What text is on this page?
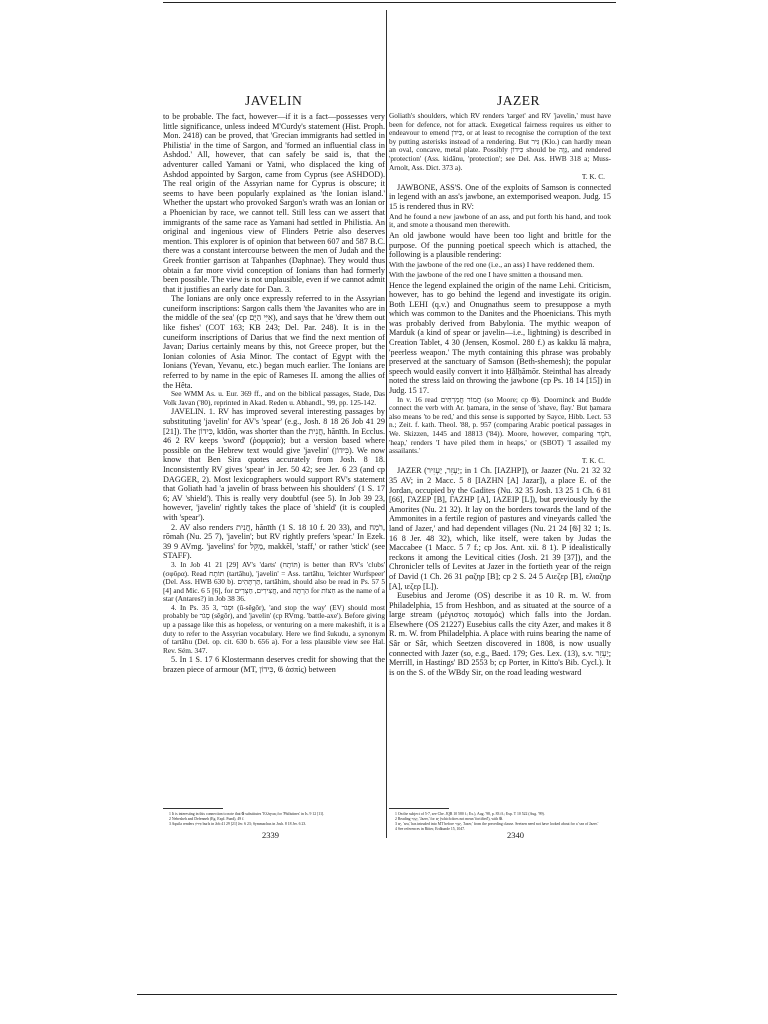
JAVELIN	JAZER

to be probable. The fact, however—if it is a fact—possesses very little significance, unless indeed M'Curdy's statement (Hist. Proph. Mon. 2418) can be proved, that 'Grecian immigrants had settled in Philistia' in the time of Sargon, and 'formed an influential class in Ashdod.' All, however, that can safely be said is, that the adventurer called Yamani or Yatni, who displaced the king of Ashdod appointed by Sargon, came from Cyprus (see ASHDOD). The real origin of the Assyrian name for Cyprus is obscure; it seems to have been popularly explained as 'the Ionian island.' Whether the upstart who provoked Sargon's wrath was an Ionian or a Phoenician by race, we cannot tell. Still less can we assert that immigrants of the same race as Yamani had settled in Philistia. An original and ingenious view of Flinders Petrie also deserves mention. This explorer is of opinion that between 607 and 587 B.C. there was a constant intercourse between the men of Judah and the Greek frontier garrison at Tahpanhes (Daphnae). They would thus obtain a far more vivid conception of Ionians than had formerly been possible. The view is not unplausible, even if we cannot admit that it justifies an early date for Dan. 3.

The Ionians are only once expressly referred to in the Assyrian cuneiform inscriptions: Sargon calls them 'the Javanites who are in the middle of the sea' (cp אִיֵּי הַיָּם), and says that he 'drew them out like fishes' (COT 163; KB 243; Del. Par. 248). It is in the cuneiform inscriptions of Darius that we find the next mention of Javan; Darius certainly means by this, not Greece proper, but the Ionian colonies of Asia Minor. The contact of Egypt with the Ionians (Yevan, Yevanu, etc.) began much earlier. The Ionians are referred to by name in the epic of Rameses II. among the allies of the Hêta.

See WMM As. u. Eur. 369 ff., and on the biblical passages, Stade, Das Volk Javan ('80), reprinted in Akad. Reden u. Abhandl., '99, pp. 125-142.

JAVELIN. 1. RV has improved several interesting passages by substituting 'javelin' for AV's 'spear' (e.g., Josh. 8 18 26 Job 41 29 [21]). The כִּידוֹן, kīdōn, was shorter than the חֲנִית, hănīth. In Ecclus. 46 2 RV keeps 'sword' (ῥομφαία); but a version based where possible on the Hebrew text would give 'javelin' (כִּידוֹן). We now know that Ben Sira quotes accurately from Josh. 8 18. Inconsistently RV gives 'spear' in Jer. 50 42; see Jer. 6 23 (and cp DAGGER, 2). Most lexicographers would support RV's statement that Goliath had 'a javelin of brass between his shoulders' (1 S. 17 6; AV 'shield'). This is really very doubtful (see 5). In Job 39 23, however, 'javelin' rightly takes the place of 'shield' (it is coupled with 'spear').

2. AV also renders חֲנִית, hănīth (1 S. 18 10 f. 20 33), and רֹמַח, rōmah (Nu. 25 7), 'javelin'; but RV rightly prefers 'spear.' In Ezek. 39 9 AVmg. 'javelins' for מַקֵּל, makkēl, 'staff,' or rather 'stick' (see STAFF).

3. In Job 41 21 [29] AV's 'darts' (תּוֹתָח) is better than RV's 'clubs' (σφῦρα). Read תּוֹתָח (tartāhu), 'javelin' = Ass. tartāhu, 'leichter Wurfspeer' (Del. Ass. HWB 630 b). תַּרְתָּהִים, tartāhim, should also be read in Ps. 57 5 [4] and Mic. 6 5 [6], for חֲצִירִים, חַצְרִים, and הַרְתָּה for חִצּוֹת as the name of a star (Antares?) in Job 38 36.

4. In Ps. 35 3, וּסְגֹר (ū-sĕgōr), 'and stop the way' (EV) should most probably be סְגֹר (sĕgōr), and 'javelin' (cp RVmg. 'battle-axe'). Before giving up a passage like this as hopeless, or venturing on a mere makeshift, it is a duty to refer to the Assyrian vocabulary. Here we find šukudu, a synonym of tartāhu (Del. op. cit. 630 b. 656 a). For a less plausible view see Hal. Rev. Sém. 347.

5. In 1 S. 17 6 Klostermann deserves credit for showing that the brazen piece of armour (MT, כִּידוֹן, 𝔊 ἀσπὶς) between

Goliath's shoulders, which RV renders 'target' and RV 'javelin,' must have been for defence, not for attack. Exegetical fairness requires us either to endeavour to emend כִּידֹן, or at least to recognise the corruption of the text by putting asterisks instead of a rendering. But גִּיר (Klo.) can hardly mean an oval, concave, metal plate. Possibly כִּידוֹן should be גָּוֶה, and rendered 'protection' (Ass. kidānu, 'protection'; see Del. Ass. HWB 318 a; Muss-Arnolt, Ass. Dict. 373 a).

T. K. C.

JAWBONE, ASS'S. One of the exploits of Samson is connected in legend with an ass's jawbone, an extemporised weapon. Judg. 15 15 is rendered thus in RV:

And he found a new jawbone of an ass, and put forth his hand, and took it, and smote a thousand men therewith.

An old jawbone would have been too light and brittle for the purpose. Of the punning poetical speech which is attached, the following is a plausible rendering:

With the jawbone of the red one (i.e., an ass) I have reddened them.

With the jawbone of the red one I have smitten a thousand men.

Hence the legend explained the origin of the name Lehi. Criticism, however, has to go behind the legend and investigate its origin. Both LEHI (q.v.) and Onugnathus seem to presuppose a myth which was common to the Danites and the Phoenicians. This myth was probably derived from Babylonia. The mythic weapon of Marduk (a kind of spear or javelin—i.e., lightning) is described in Creation Tablet, 4 30 (Jensen, Kosmol. 280 f.) as kakku lā maḫra, 'peerless weapon.' The myth containing this phrase was probably preserved at the sanctuary of Samson (Beth-shemesh); the popular speech would easily convert it into Ḥǎlḥămōr. Steinthal has already noted the stress laid on throwing the jawbone (cp Ps. 18 14 [15]) in Judg. 15 17.

In v. 16 read חֲמוֹר חֲמַרְתִּים (so Moore; cp 𝔊). Doorninck and Budde connect the verb with Ar. ḥamara, in the sense of 'shave, flay.' But ḥamara also means 'to be red,' and this sense is supported by Sayce, Hibb. Lect. 53 n.; Zeit. f. kath. Theol. '88, p. 957 (comparing Arabic poetical passages in We. Skizzen, 1445 and 18813 ('84)). Moore, however, comparing חֹמֶר, 'heap,' renders 'I have piled them in heaps,' or (SBOT) 'I assailed my assailants.'

T. K. C.

JAZER (יַעְזֵר, יַעְזִיר; in 1 Ch. [ΙΑΖΗΡ]), or Jaazer (Nu. 21 32 32 35 AV; in 2 Macc. 5 8 [ΙΑΖΗΝ [A] Jazar]), a place E. of the Jordan, occupied by the Gadites (Nu. 32 35 Josh. 13 25 1 Ch. 6 81 [66], ΓΑΖΕΡ [B], ΓΑΖΗΡ [A], ΙΑΖΕΙΡ [L]), but previously by the Amorites (Nu. 21 32). It lay on the borders towards the land of the Ammonites in a fertile region of pastures and vineyards called 'the land of Jazer,' and had dependent villages (Nu. 21 24 [𝔊] 32 1; Is. 16 8 Jer. 48 32), which, like itself, were taken by Judas the Maccabee (1 Macc. 5 7 f.; cp Jos. Ant. xii. 8 1). P idealistically reckons it among the Levitical cities (Josh. 21 39 [37]), and the Chronicler tells of Levites at Jazer in the fortieth year of the reign of David (1 Ch. 26 31 ραζηρ [B]; cp 2 S. 24 5 Αιεζερ [B], ελιαζηρ [A], ιεζερ [L]).

Eusebius and Jerome (OS) describe it as 10 R. m. W. from Philadelphia, 15 from Heshbon, and as situated at the source of a large stream (μέγιστος ποταμός) which falls into the Jordan. Elsewhere (OS 21227) Eusebius calls the city Azer, and makes it 8 R. m. W. from Philadelphia. A place with ruins bearing the name of Sâr or Sâr, which Seetzen discovered in 1808, is now usually connected with Jazer (so, e.g., Baed. 179; Ges. Lex. (13), s.v. יַעְזֵר; Merrill, in Hastings' BD 2553 b; cp Porter, in Kitto's Bib. Cycl.). It is on the S. of the WBdy Sir, on the road leading westward

1 It is interesting in this connection to note that 𝔊 substitutes Ἕλληνας for 'Philistines' in Is. 9 12 [11].

2 Nebesheh and Defenneh (Eg. Expl. Fund), 49 f.

3 Aquila renders כִּידוֹן burls in Job 41 29 [21] Jer. 6 23; Symmachus in Josh. 8 18 Jer. 6 23.

1 On the subject of 5-7, see Che. JQR 10 580 f.; Ex.), Aug. '98, p. 83 ff.; Exp. T 10 522 (Aug. '99).

2 Reading יַעְזֵר, 'Jazer,' for יָם (which does not mean 'fortified'), with 𝔊.

3 יָם, 'sea,' has intruded into MT before יַעְזֵר, 'Jazer,' from the preceding clause. Seetzen need not have looked about for a 'sea of Jazer.'

4 See references in Ritter, Erdkunde 15, 1047.

2339	2340
